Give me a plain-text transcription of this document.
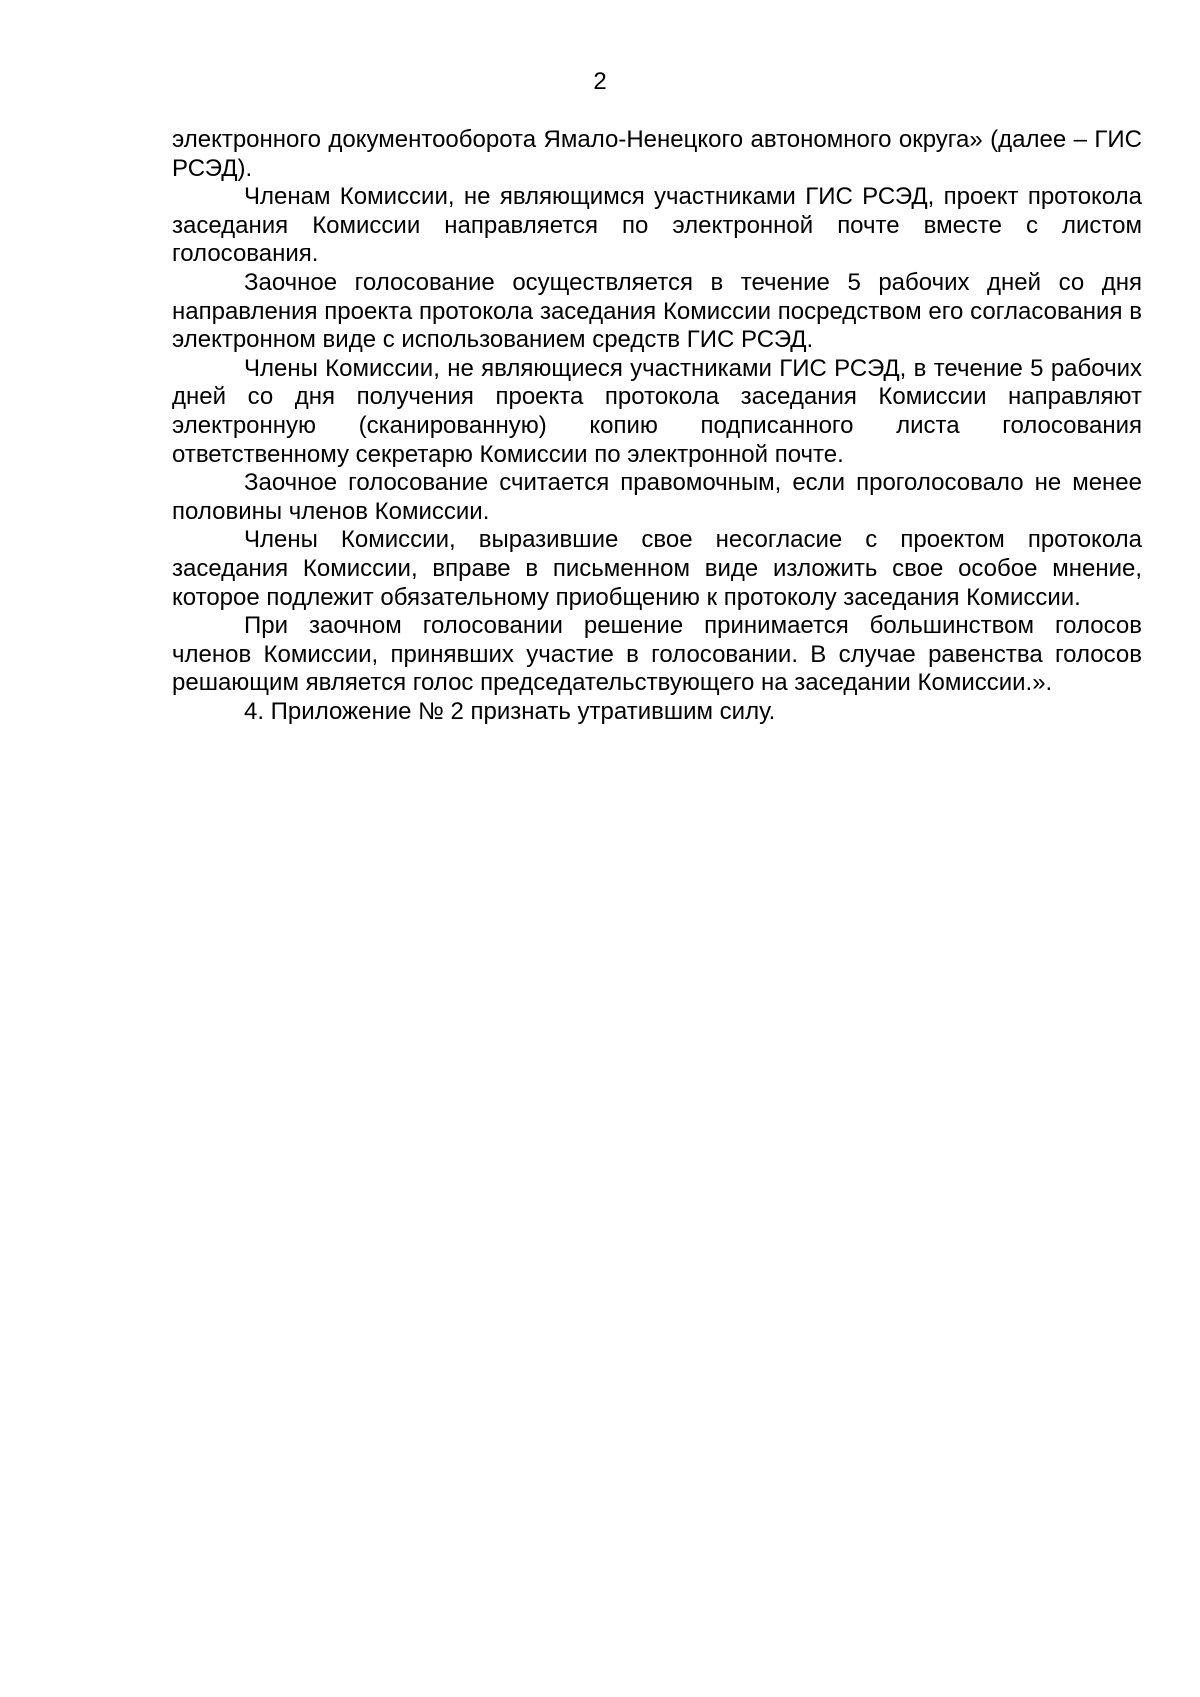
2

электронного документооборота Ямало-Ненецкого автономного округа» (далее – ГИС РСЭД).

Членам Комиссии, не являющимся участниками ГИС РСЭД, проект протокола заседания Комиссии направляется по электронной почте вместе с листом голосования.

Заочное голосование осуществляется в течение 5 рабочих дней со дня направления проекта протокола заседания Комиссии посредством его согласования в электронном виде с использованием средств ГИС РСЭД.

Члены Комиссии, не являющиеся участниками ГИС РСЭД, в течение 5 рабочих дней со дня получения проекта протокола заседания Комиссии направляют электронную (сканированную) копию подписанного листа голосования ответственному секретарю Комиссии по электронной почте.

Заочное голосование считается правомочным, если проголосовало не менее половины членов Комиссии.

Члены Комиссии, выразившие свое несогласие с проектом протокола заседания Комиссии, вправе в письменном виде изложить свое особое мнение, которое подлежит обязательному приобщению к протоколу заседания Комиссии.

При заочном голосовании решение принимается большинством голосов членов Комиссии, принявших участие в голосовании. В случае равенства голосов решающим является голос председательствующего на заседании Комиссии.».

4. Приложение № 2 признать утратившим силу.
